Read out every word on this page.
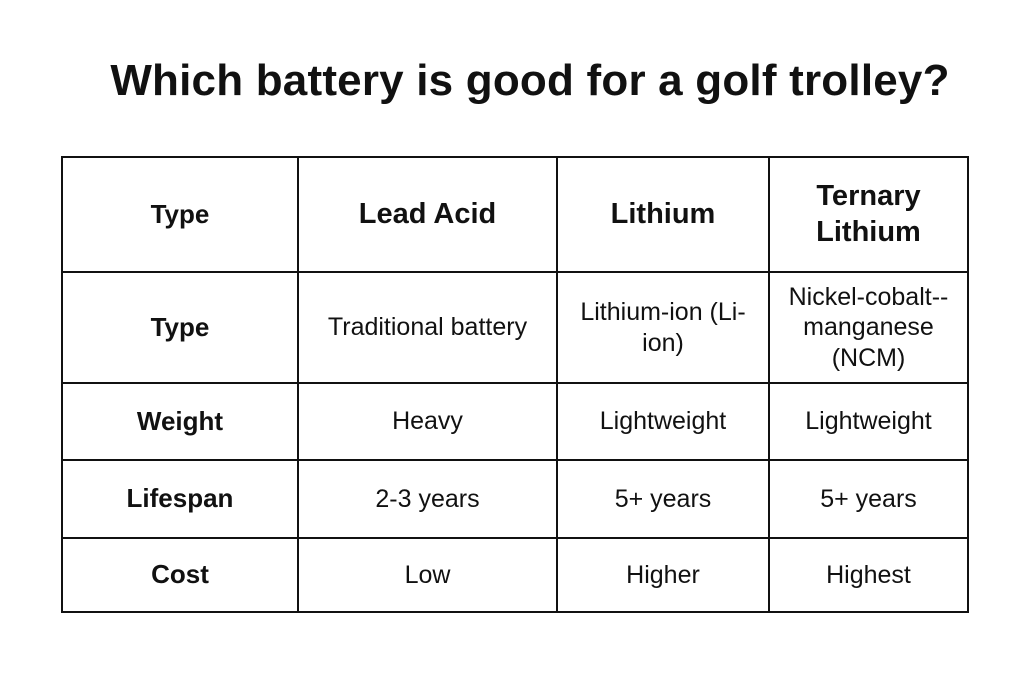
Which battery is good for a golf trolley?
Type	Lead Acid	Lithium	Ternary Lithium
Type	Traditional battery	Lithium-ion (Li-ion)	Nickel-cobalt--manganese (NCM)
Weight	Heavy	Lightweight	Lightweight
Lifespan	2-3 years	5+ years	5+ years
Cost	Low	Higher	Highest
